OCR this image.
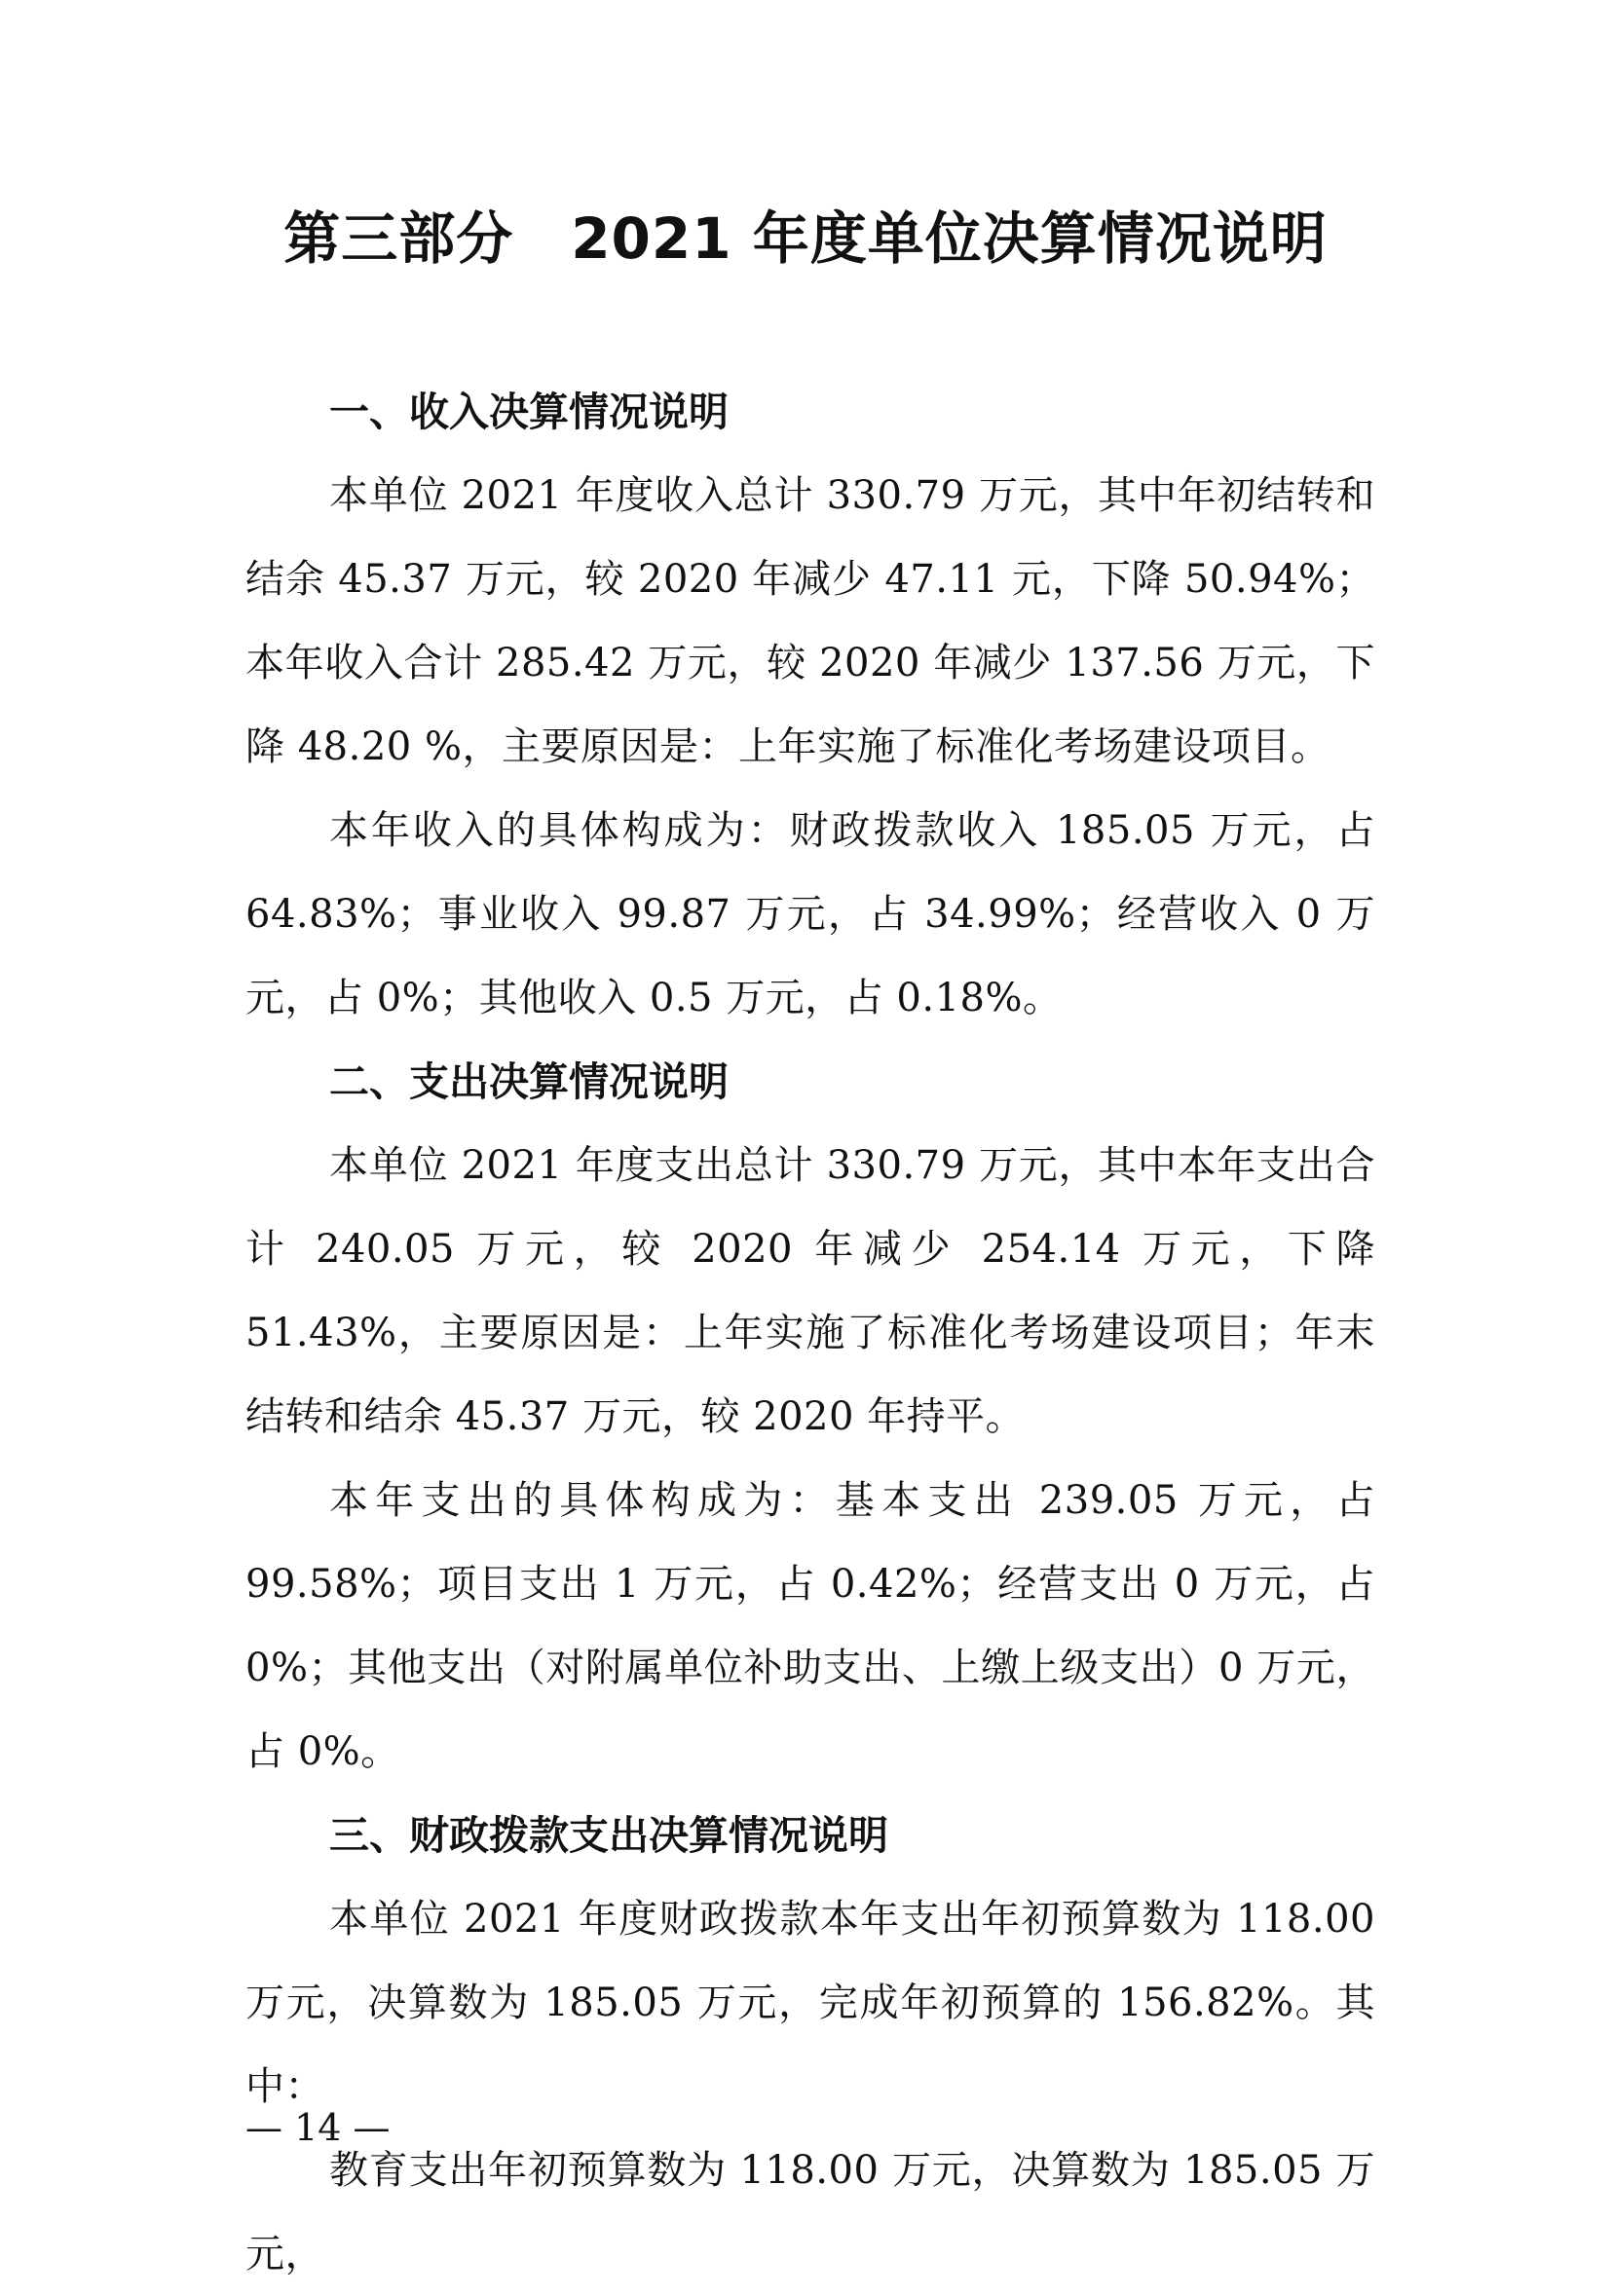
第三部分　2021 年度单位决算情况说明

一、收入决算情况说明

本单位 2021 年度收入总计 330.79 万元，其中年初结转和结余 45.37 万元，较 2020 年减少 47.11 元，下降 50.94%；本年收入合计 285.42 万元，较 2020 年减少 137.56 万元，下降 48.20 %，主要原因是：上年实施了标准化考场建设项目。

本年收入的具体构成为：财政拨款收入 185.05 万元，占 64.83%；事业收入 99.87 万元，占 34.99%；经营收入 0 万元，占 0%；其他收入 0.5 万元，占 0.18%。

二、支出决算情况说明

本单位 2021 年度支出总计 330.79 万元，其中本年支出合计 240.05 万元，较 2020 年减少 254.14 万元，下降 51.43%，主要原因是：上年实施了标准化考场建设项目；年末结转和结余 45.37 万元，较 2020 年持平。

本年支出的具体构成为：基本支出 239.05 万元，占 99.58%；项目支出 1 万元，占 0.42%；经营支出 0 万元，占 0%；其他支出（对附属单位补助支出、上缴上级支出）0 万元，占 0%。

三、财政拨款支出决算情况说明

本单位 2021 年度财政拨款本年支出年初预算数为 118.00 万元，决算数为 185.05 万元，完成年初预算的 156.82%。其中：

教育支出年初预算数为 118.00 万元，决算数为 185.05 万元，

— 14 —
